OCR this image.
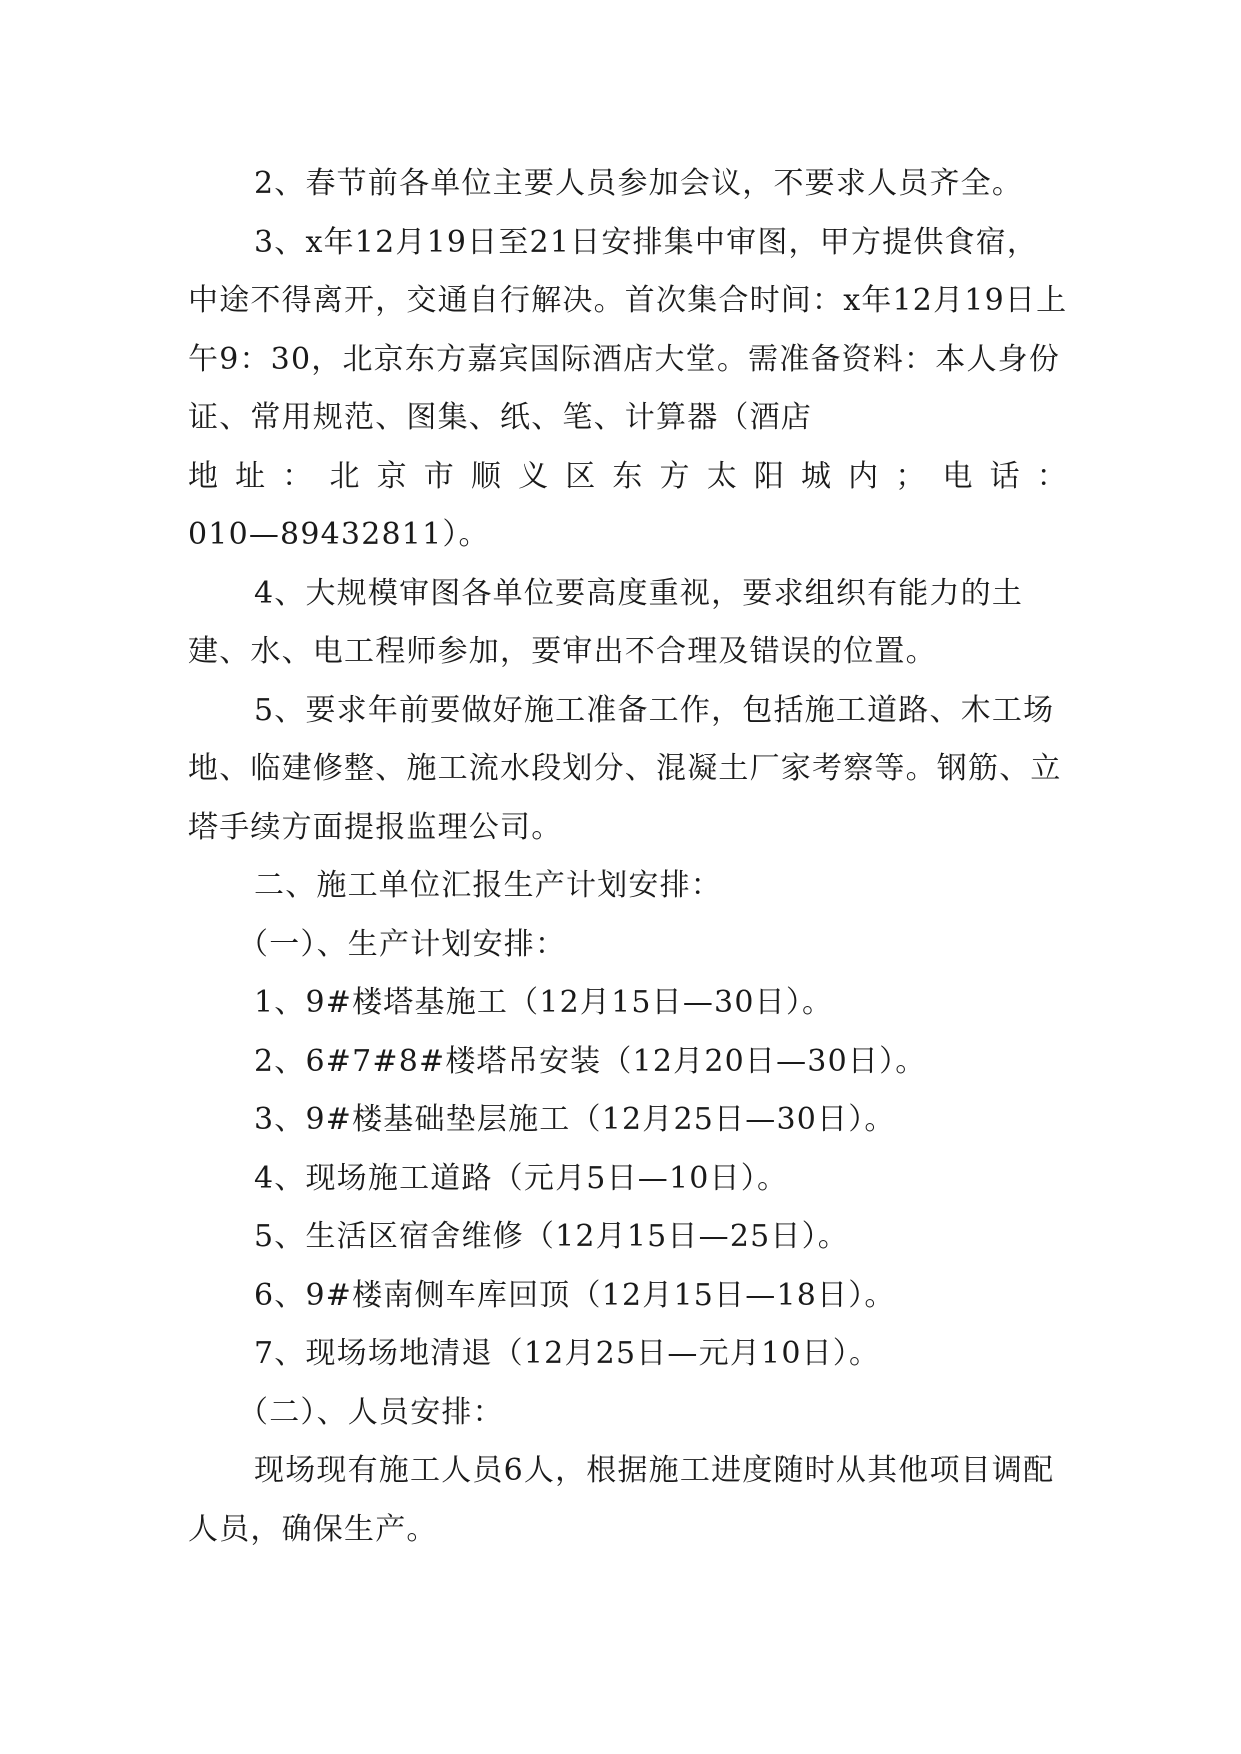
2、春节前各单位主要人员参加会议，不要求人员齐全。

3、x年12月19日至21日安排集中审图，甲方提供食宿，中途不得离开，交通自行解决。首次集合时间：x年12月19日上午9：30，北京东方嘉宾国际酒店大堂。需准备资料：本人身份证、常用规范、图集、纸、笔、计算器（酒店

地址：北京市顺义区东方太阳城内；电话：

010—89432811）。

4、大规模审图各单位要高度重视，要求组织有能力的土建、水、电工程师参加，要审出不合理及错误的位置。

5、要求年前要做好施工准备工作，包括施工道路、木工场地、临建修整、施工流水段划分、混凝土厂家考察等。钢筋、立塔手续方面提报监理公司。

二、施工单位汇报生产计划安排：

（一）、生产计划安排：

1、9#楼塔基施工（12月15日—30日）。

2、6#7#8#楼塔吊安装（12月20日—30日）。

3、9#楼基础垫层施工（12月25日—30日）。

4、现场施工道路（元月5日—10日）。

5、生活区宿舍维修（12月15日—25日）。

6、9#楼南侧车库回顶（12月15日—18日）。

7、现场场地清退（12月25日—元月10日）。

（二）、人员安排：

现场现有施工人员6人，根据施工进度随时从其他项目调配人员，确保生产。
